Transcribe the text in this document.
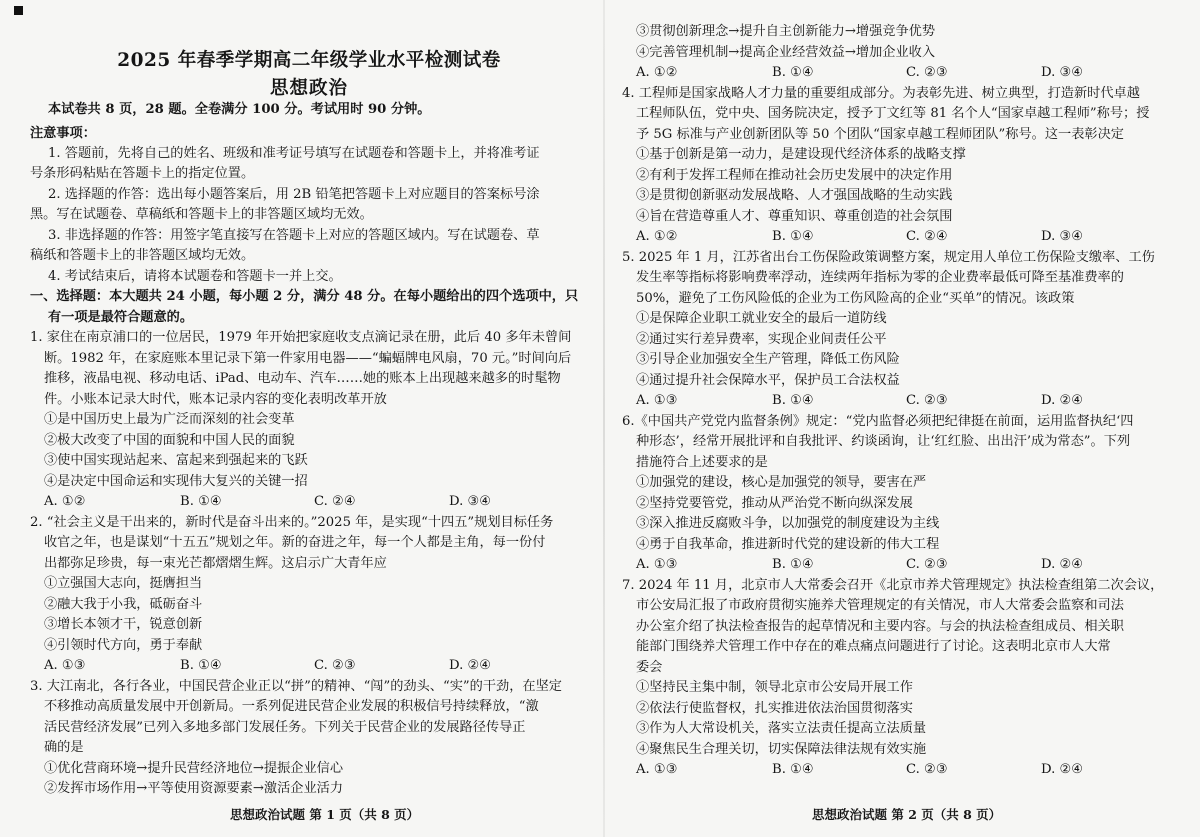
2025 年春季学期高二年级学业水平检测试卷
思想政治
本试卷共 8 页，28 题。全卷满分 100 分。考试用时 90 分钟。
注意事项：
1. 答题前，先将自己的姓名、班级和准考证号填写在试题卷和答题卡上，并将准考证
号条形码粘贴在答题卡上的指定位置。
2. 选择题的作答：选出每小题答案后，用 2B 铅笔把答题卡上对应题目的答案标号涂
黑。写在试题卷、草稿纸和答题卡上的非答题区域均无效。
3. 非选择题的作答：用签字笔直接写在答题卡上对应的答题区域内。写在试题卷、草
稿纸和答题卡上的非答题区域均无效。
4. 考试结束后，请将本试题卷和答题卡一并上交。
一、选择题：本大题共 24 小题，每小题 2 分，满分 48 分。在每小题给出的四个选项中，只
有一项是最符合题意的。
1. 家住在南京浦口的一位居民，1979 年开始把家庭收支点滴记录在册，此后 40 多年未曾间
断。1982 年，在家庭账本里记录下第一件家用电器——“蝙蝠牌电风扇，70 元。”时间向后
推移，液晶电视、移动电话、iPad、电动车、汽车……她的账本上出现越来越多的时髦物
件。小账本记录大时代，账本记录内容的变化表明改革开放
①是中国历史上最为广泛而深刻的社会变革
②极大改变了中国的面貌和中国人民的面貌
③使中国实现站起来、富起来到强起来的飞跃
④是决定中国命运和实现伟大复兴的关键一招
A. ①②	B. ①④	C. ②④	D. ③④
2. “社会主义是干出来的，新时代是奋斗出来的。”2025 年，是实现“十四五”规划目标任务
收官之年，也是谋划“十五五”规划之年。新的奋进之年，每一个人都是主角，每一份付
出都弥足珍贵，每一束光芒都熠熠生辉。这启示广大青年应
①立强国大志向，挺膺担当
②融大我于小我，砥砺奋斗
③增长本领才干，锐意创新
④引领时代方向，勇于奉献
A. ①③	B. ①④	C. ②③	D. ②④
3. 大江南北，各行各业，中国民营企业正以“拼”的精神、“闯”的劲头、“实”的干劲，在坚定
不移推动高质量发展中开创新局。一系列促进民营企业发展的积极信号持续释放，“激
活民营经济发展”已列入多地多部门发展任务。下列关于民营企业的发展路径传导正
确的是
①优化营商环境→提升民营经济地位→提振企业信心
②发挥市场作用→平等使用资源要素→激活企业活力
思想政治试题 第 1 页（共 8 页）
③贯彻创新理念→提升自主创新能力→增强竞争优势
④完善管理机制→提高企业经营效益→增加企业收入
A. ①②	B. ①④	C. ②③	D. ③④
4. 工程师是国家战略人才力量的重要组成部分。为表彰先进、树立典型，打造新时代卓越
工程师队伍，党中央、国务院决定，授予丁文红等 81 名个人“国家卓越工程师”称号；授
予 5G 标准与产业创新团队等 50 个团队“国家卓越工程师团队”称号。这一表彰决定
①基于创新是第一动力，是建设现代经济体系的战略支撑
②有利于发挥工程师在推动社会历史发展中的决定作用
③是贯彻创新驱动发展战略、人才强国战略的生动实践
④旨在营造尊重人才、尊重知识、尊重创造的社会氛围
A. ①②	B. ①④	C. ②④	D. ③④
5. 2025 年 1 月，江苏省出台工伤保险政策调整方案，规定用人单位工伤保险支缴率、工伤
发生率等指标将影响费率浮动，连续两年指标为零的企业费率最低可降至基准费率的
50%，避免了工伤风险低的企业为工伤风险高的企业“买单”的情况。该政策
①是保障企业职工就业安全的最后一道防线
②通过实行差异费率，实现企业间责任公平
③引导企业加强安全生产管理，降低工伤风险
④通过提升社会保障水平，保护员工合法权益
A. ①③	B. ①④	C. ②③	D. ②④
6.《中国共产党党内监督条例》规定：“党内监督必须把纪律挺在前面，运用监督执纪‘四
种形态’，经常开展批评和自我批评、约谈函询，让‘红红脸、出出汗’成为常态”。下列
措施符合上述要求的是
①加强党的建设，核心是加强党的领导，要害在严
②坚持党要管党，推动从严治党不断向纵深发展
③深入推进反腐败斗争，以加强党的制度建设为主线
④勇于自我革命，推进新时代党的建设新的伟大工程
A. ①③	B. ①④	C. ②③	D. ②④
7. 2024 年 11 月，北京市人大常委会召开《北京市养犬管理规定》执法检查组第二次会议，
市公安局汇报了市政府贯彻实施养犬管理规定的有关情况，市人大常委会监察和司法
办公室介绍了执法检查报告的起草情况和主要内容。与会的执法检查组成员、相关职
能部门围绕养犬管理工作中存在的难点痛点问题进行了讨论。这表明北京市人大常
委会
①坚持民主集中制，领导北京市公安局开展工作
②依法行使监督权，扎实推进依法治国贯彻落实
③作为人大常设机关，落实立法责任提高立法质量
④聚焦民生合理关切，切实保障法律法规有效实施
A. ①③	B. ①④	C. ②③	D. ②④
思想政治试题 第 2 页（共 8 页）
